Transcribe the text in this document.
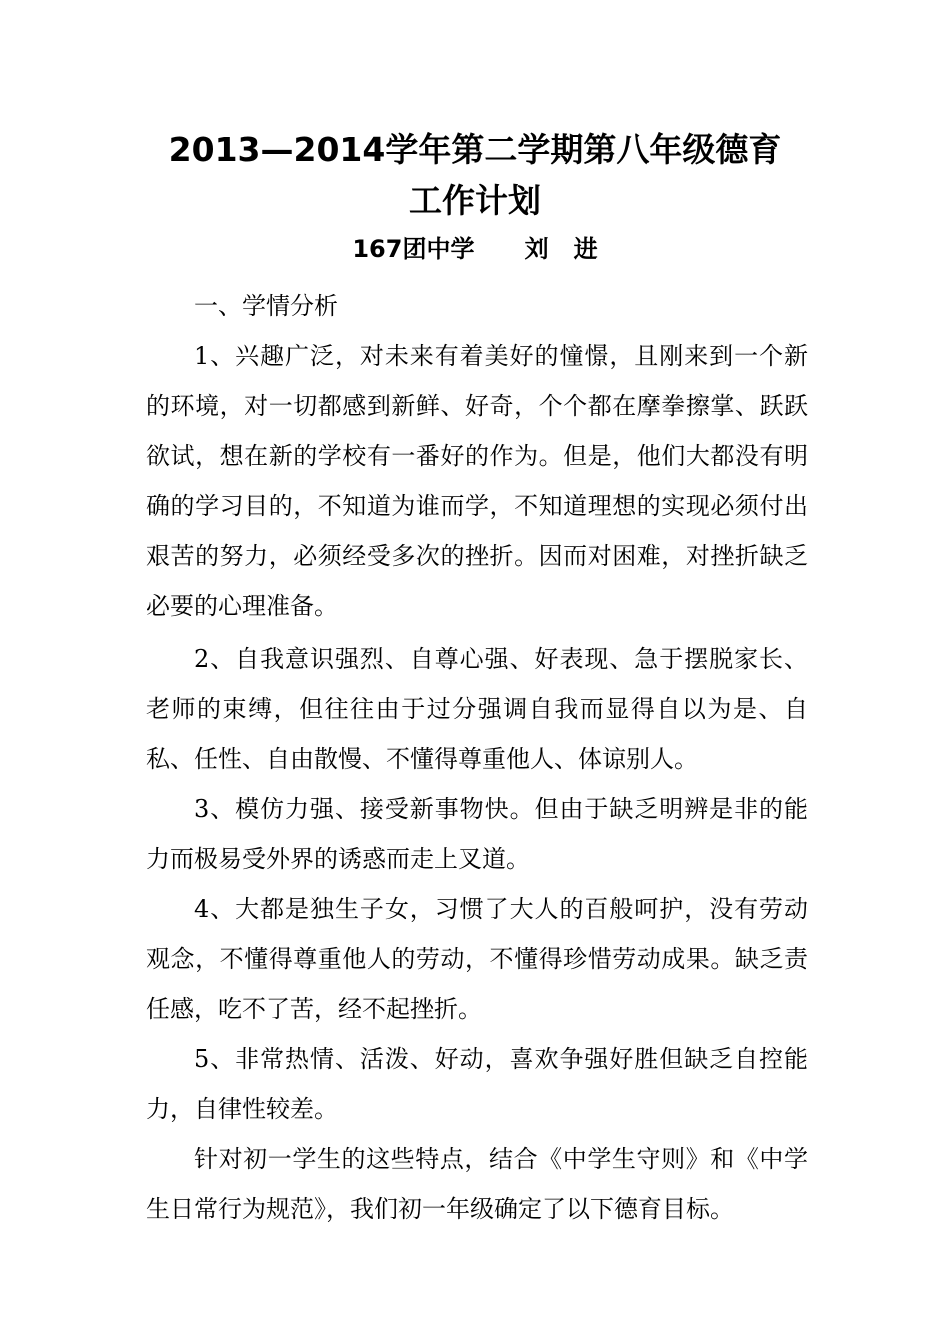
2013—2014学年第二学期第八年级德育
工作计划
167团中学      刘   进

一、学情分析

1、兴趣广泛，对未来有着美好的憧憬，且刚来到一个新的环境，对一切都感到新鲜、好奇，个个都在摩拳擦掌、跃跃欲试，想在新的学校有一番好的作为。但是，他们大都没有明确的学习目的，不知道为谁而学，不知道理想的实现必须付出艰苦的努力，必须经受多次的挫折。因而对困难，对挫折缺乏必要的心理准备。

2、自我意识强烈、自尊心强、好表现、急于摆脱家长、老师的束缚，但往往由于过分强调自我而显得自以为是、自私、任性、自由散慢、不懂得尊重他人、体谅别人。

3、模仿力强、接受新事物快。但由于缺乏明辨是非的能力而极易受外界的诱惑而走上叉道。

4、大都是独生子女，习惯了大人的百般呵护，没有劳动观念，不懂得尊重他人的劳动，不懂得珍惜劳动成果。缺乏责任感，吃不了苦，经不起挫折。

5、非常热情、活泼、好动，喜欢争强好胜但缺乏自控能力，自律性较差。

针对初一学生的这些特点，结合《中学生守则》和《中学生日常行为规范》，我们初一年级确定了以下德育目标。
